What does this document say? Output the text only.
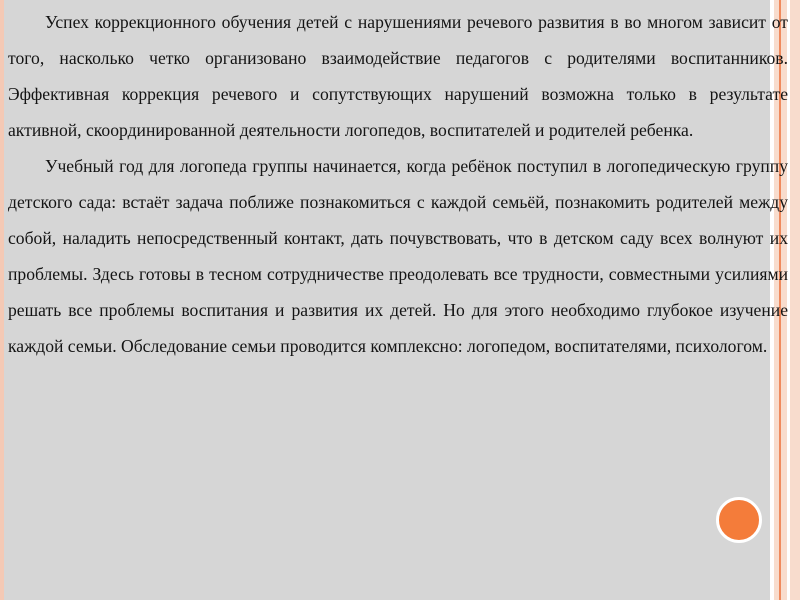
Успех коррекционного обучения детей с нарушениями речевого развития в во многом зависит от того, насколько четко организовано взаимодействие педагогов с родителями воспитанников. Эффективная коррекция речевого и сопутствующих нарушений возможна только в результате активной, скоординированной деятельности логопедов, воспитателей и родителей ребенка.

Учебный год для логопеда группы начинается, когда ребёнок поступил в логопедическую группу детского сада: встаёт задача поближе познакомиться с каждой семьёй, познакомить родителей между собой, наладить непосредственный контакт, дать почувствовать, что в детском саду всех волнуют их проблемы. Здесь готовы в тесном сотрудничестве преодолевать все трудности, совместными усилиями решать все проблемы воспитания и развития их детей. Но для этого необходимо глубокое изучение каждой семьи. Обследование семьи проводится комплексно: логопедом, воспитателями, психологом.
